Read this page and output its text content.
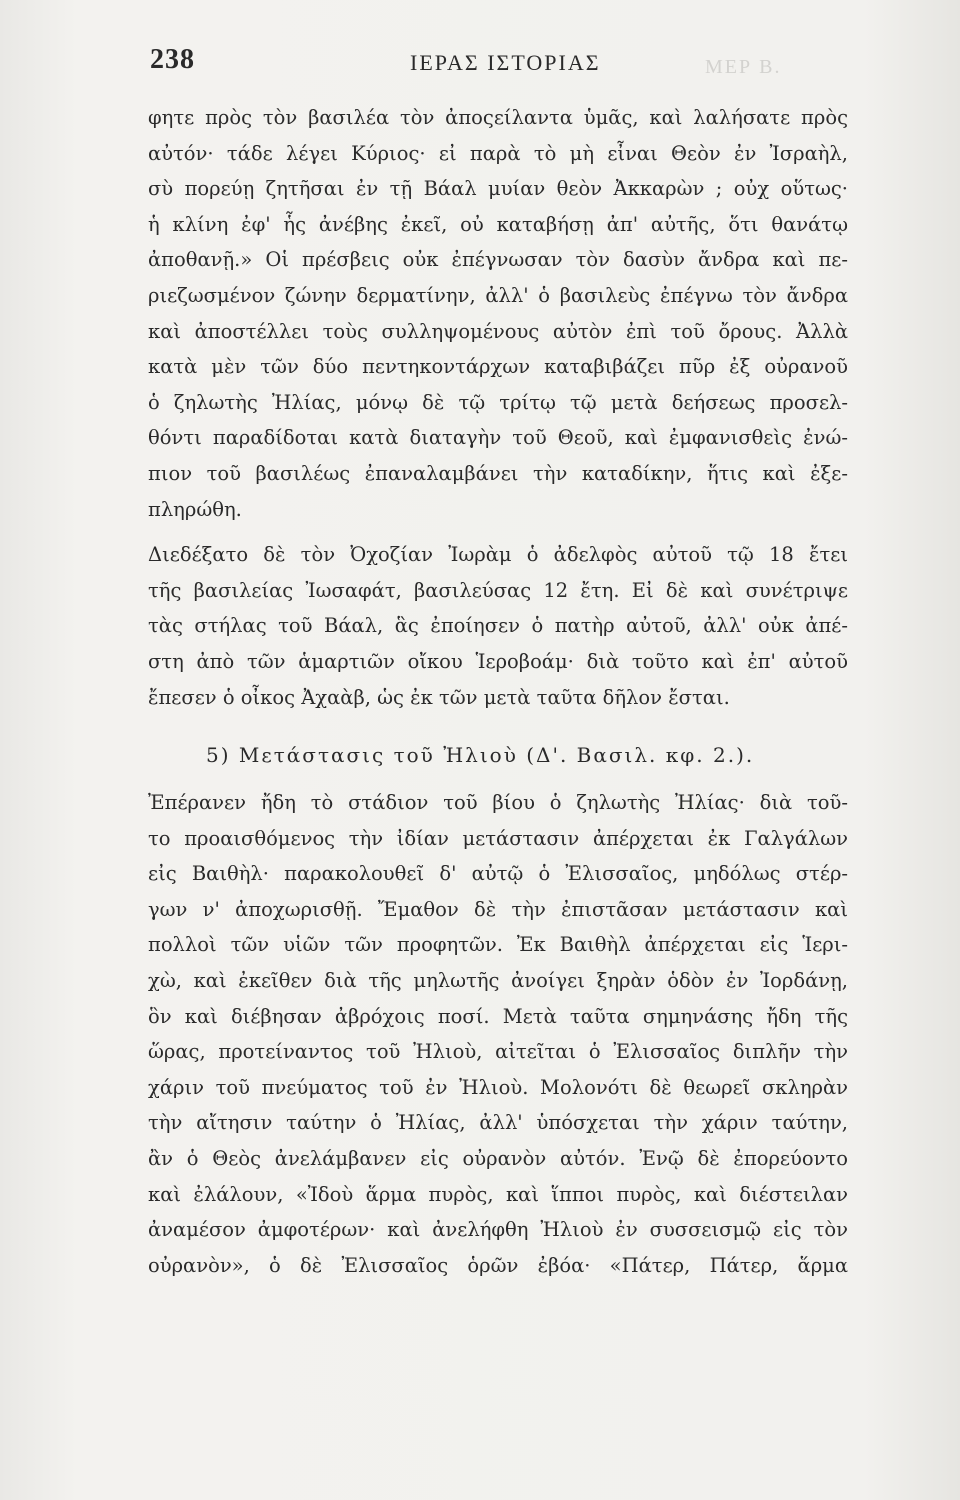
238	ΙΕΡΑΣ ΙΣΤΟΡΙΑΣ	ΜΕΡ Β.
φητε πρὸς τὸν βασιλέα τὸν ἀποςείλαντα ὑμᾶς, καὶ λαλήσατε πρὸς
αὐτόν· τάδε λέγει Κύριος· εἰ παρὰ τὸ μὴ εἶναι Θεὸν ἐν Ἰσραὴλ,
σὺ πορεύῃ ζητῆσαι ἐν τῇ Βάαλ μυίαν θεὸν Ἀκκαρὼν ; οὐχ οὕτως·
ἡ κλίνη ἐφ' ἧς ἀνέβης ἐκεῖ, οὐ καταβήσῃ ἀπ' αὐτῆς, ὅτι θανάτῳ
ἀποθανῇ.» Οἱ πρέσβεις οὐκ ἐπέγνωσαν τὸν δασὺν ἄνδρα καὶ πε-
ριεζωσμένον ζώνην δερματίνην, ἀλλ' ὁ βασιλεὺς ἐπέγνω τὸν ἄνδρα
καὶ ἀποστέλλει τοὺς συλληψομένους αὐτὸν ἐπὶ τοῦ ὄρους. Ἀλλὰ
κατὰ μὲν τῶν δύο πεντηκοντάρχων καταβιβάζει πῦρ ἐξ οὐρανοῦ
ὁ ζηλωτὴς Ἠλίας, μόνῳ δὲ τῷ τρίτῳ τῷ μετὰ δεήσεως προσελ-
θόντι παραδίδοται κατὰ διαταγὴν τοῦ Θεοῦ, καὶ ἐμφανισθεὶς ἐνώ-
πιον τοῦ βασιλέως ἐπαναλαμβάνει τὴν καταδίκην, ἥτις καὶ ἐξε-
πληρώθη.
Διεδέξατο δὲ τὸν Ὀχοζίαν Ἰωρὰμ ὁ ἀδελφὸς αὐτοῦ τῷ 18 ἔτει
τῆς βασιλείας Ἰωσαφάτ, βασιλεύσας 12 ἔτη. Εἰ δὲ καὶ συνέτριψε
τὰς στήλας τοῦ Βάαλ, ἃς ἐποίησεν ὁ πατὴρ αὐτοῦ, ἀλλ' οὐκ ἀπέ-
στη ἀπὸ τῶν ἁμαρτιῶν οἴκου Ἱεροβοάμ· διὰ τοῦτο καὶ ἐπ' αὐτοῦ
ἔπεσεν ὁ οἶκος Ἀχαὰβ, ὡς ἐκ τῶν μετὰ ταῦτα δῆλον ἔσται.
5) Μετάστασις τοῦ Ἠλιοὺ (Δ'. Βασιλ. κφ. 2.).
Ἐπέρανεν ἤδη τὸ στάδιον τοῦ βίου ὁ ζηλωτὴς Ἠλίας· διὰ τοῦ-
το προαισθόμενος τὴν ἰδίαν μετάστασιν ἀπέρχεται ἐκ Γαλγάλων
εἰς Βαιθὴλ· παρακολουθεῖ δ' αὐτῷ ὁ Ἐλισσαῖος, μηδόλως στέρ-
γων ν' ἀποχωρισθῇ. Ἔμαθον δὲ τὴν ἐπιστᾶσαν μετάστασιν καὶ
πολλοὶ τῶν υἱῶν τῶν προφητῶν. Ἐκ Βαιθὴλ ἀπέρχεται εἰς Ἱερι-
χὼ, καὶ ἐκεῖθεν διὰ τῆς μηλωτῆς ἀνοίγει ξηρὰν ὁδὸν ἐν Ἰορδάνῃ,
ὃν καὶ διέβησαν ἀβρόχοις ποσί. Μετὰ ταῦτα σημηνάσης ἤδη τῆς
ὥρας, προτείναντος τοῦ Ἠλιοὺ, αἰτεῖται ὁ Ἐλισσαῖος διπλῆν τὴν
χάριν τοῦ πνεύματος τοῦ ἐν Ἠλιοὺ. Μολονότι δὲ θεωρεῖ σκληρὰν
τὴν αἴτησιν ταύτην ὁ Ἠλίας, ἀλλ' ὑπόσχεται τὴν χάριν ταύτην,
ἂν ὁ Θεὸς ἀνελάμβανεν εἰς οὐρανὸν αὐτόν. Ἐνῷ δὲ ἐπορεύοντο
καὶ ἐλάλουν, «Ἰδοὺ ἅρμα πυρὸς, καὶ ἵπποι πυρὸς, καὶ διέστειλαν
ἀναμέσον ἀμφοτέρων· καὶ ἀνελήφθη Ἠλιοὺ ἐν συσσεισμῷ εἰς τὸν
οὐρανὸν», ὁ δὲ Ἐλισσαῖος ὁρῶν ἐβόα· «Πάτερ, Πάτερ, ἅρμα
